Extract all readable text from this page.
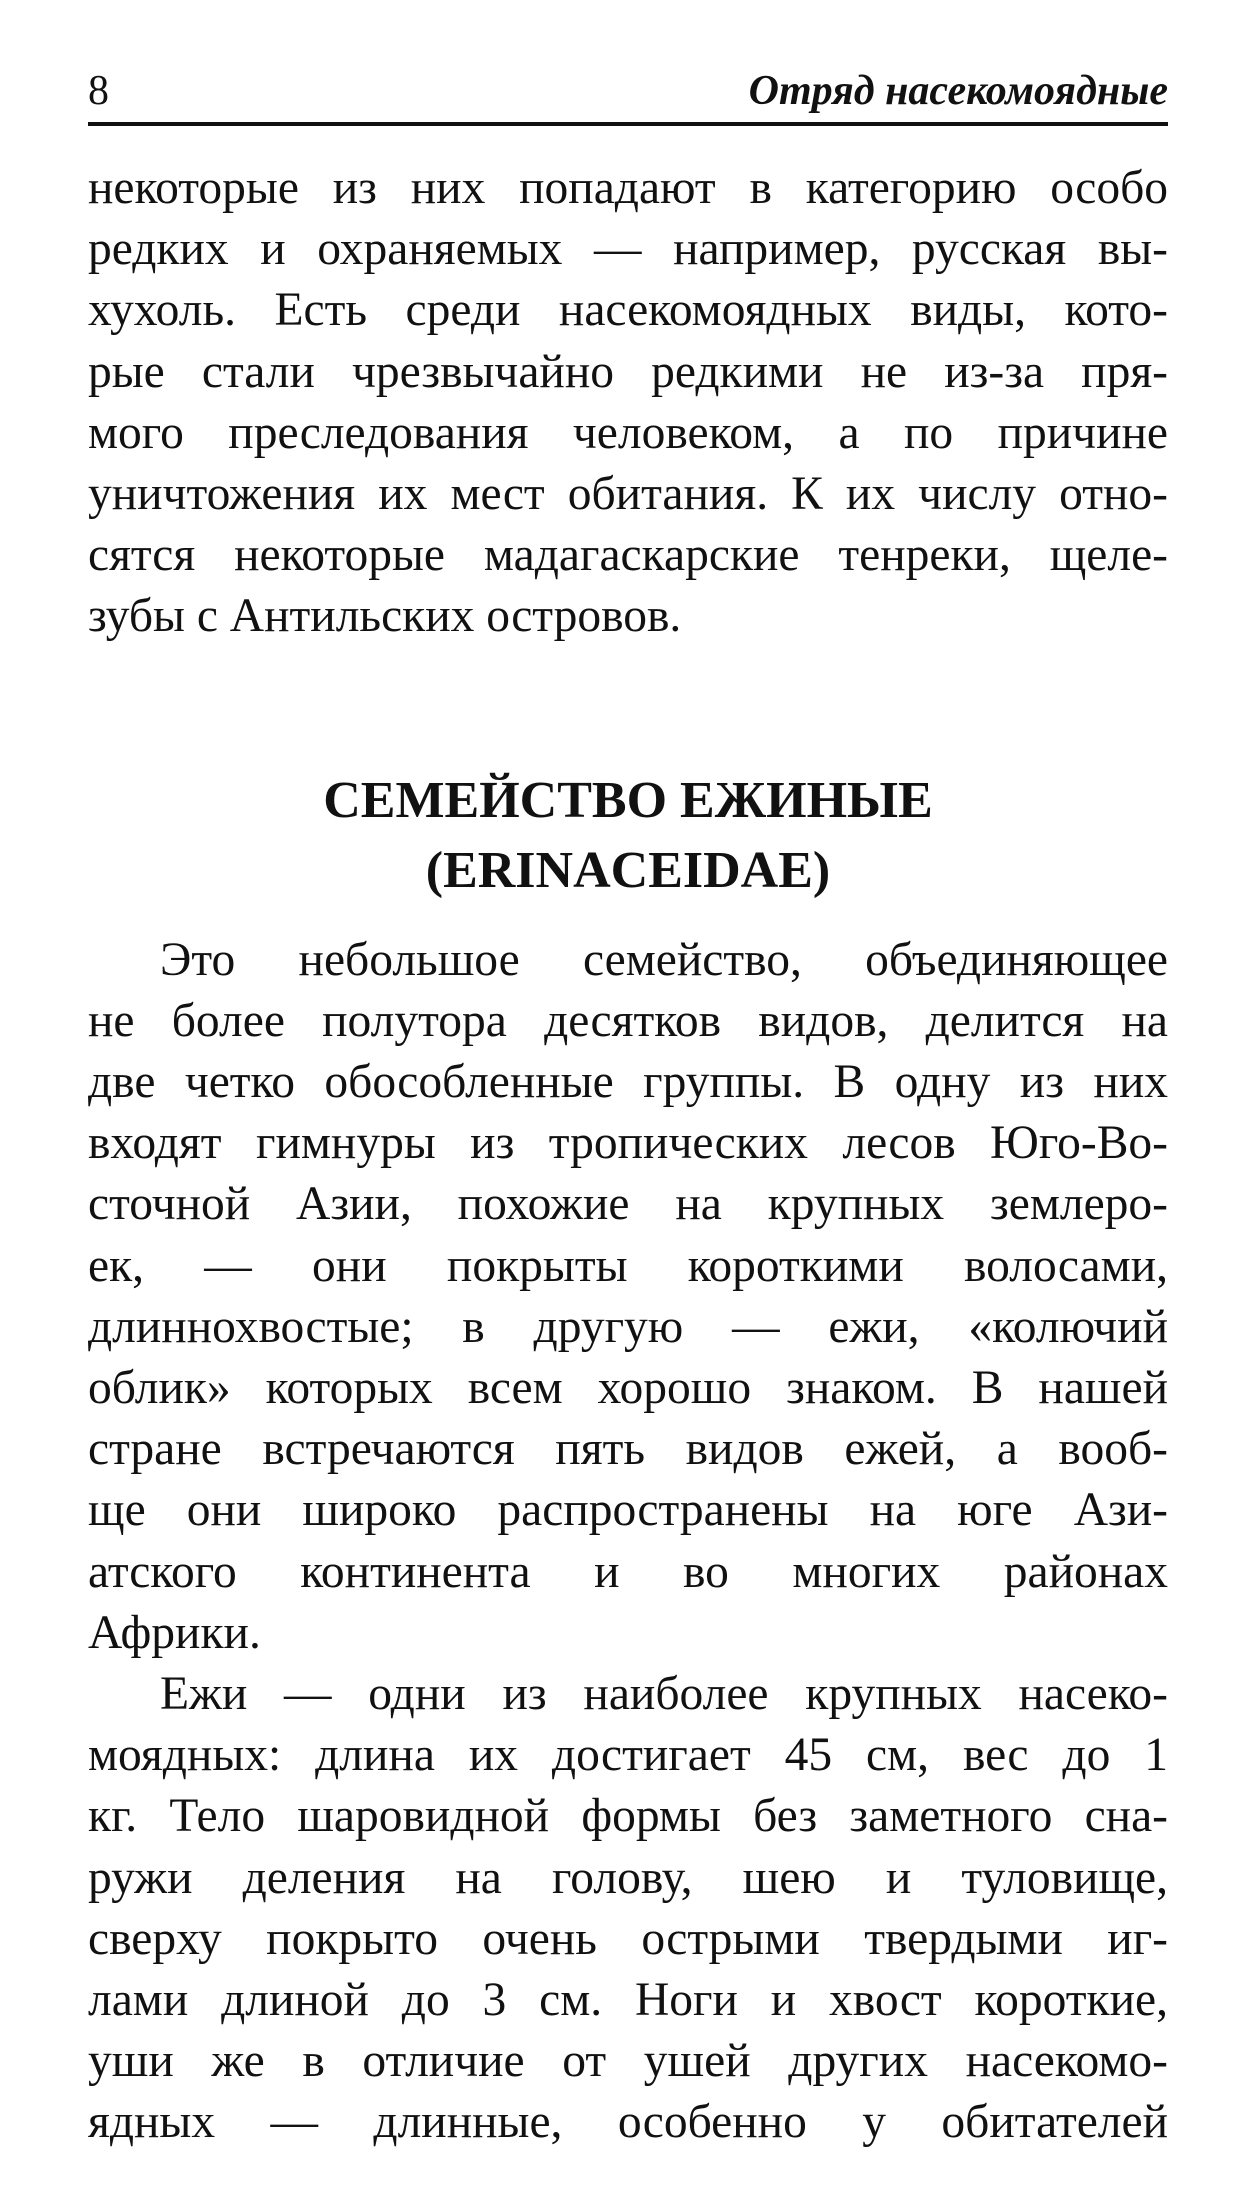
8	Отряд насекомоядные
некоторые из них попадают в категорию особо
редких и охраняемых — например, русская вы-
хухоль. Есть среди насекомоядных виды, кото-
рые стали чрезвычайно редкими не из-за пря-
мого преследования человеком, а по причине
уничтожения их мест обитания. К их числу отно-
сятся некоторые мадагаскарские тенреки, щеле-
зубы с Антильских островов.
СЕМЕЙСТВО ЕЖИНЫЕ
(ERINACEIDAE)
Это небольшое семейство, объединяющее
не более полутора десятков видов, делится на
две четко обособленные группы. В одну из них
входят гимнуры из тропических лесов Юго-Во-
сточной Азии, похожие на крупных землеро-
ек, — они покрыты короткими волосами,
длиннохвостые; в другую — ежи, «колючий
облик» которых всем хорошо знаком. В нашей
стране встречаются пять видов ежей, а вооб-
ще они широко распространены на юге Ази-
атского континента и во многих районах
Африки.
Ежи — одни из наиболее крупных насеко-
моядных: длина их достигает 45 см, вес до 1
кг. Тело шаровидной формы без заметного сна-
ружи деления на голову, шею и туловище,
сверху покрыто очень острыми твердыми иг-
лами длиной до 3 см. Ноги и хвост короткие,
уши же в отличие от ушей других насекомо-
ядных — длинные, особенно у обитателей
